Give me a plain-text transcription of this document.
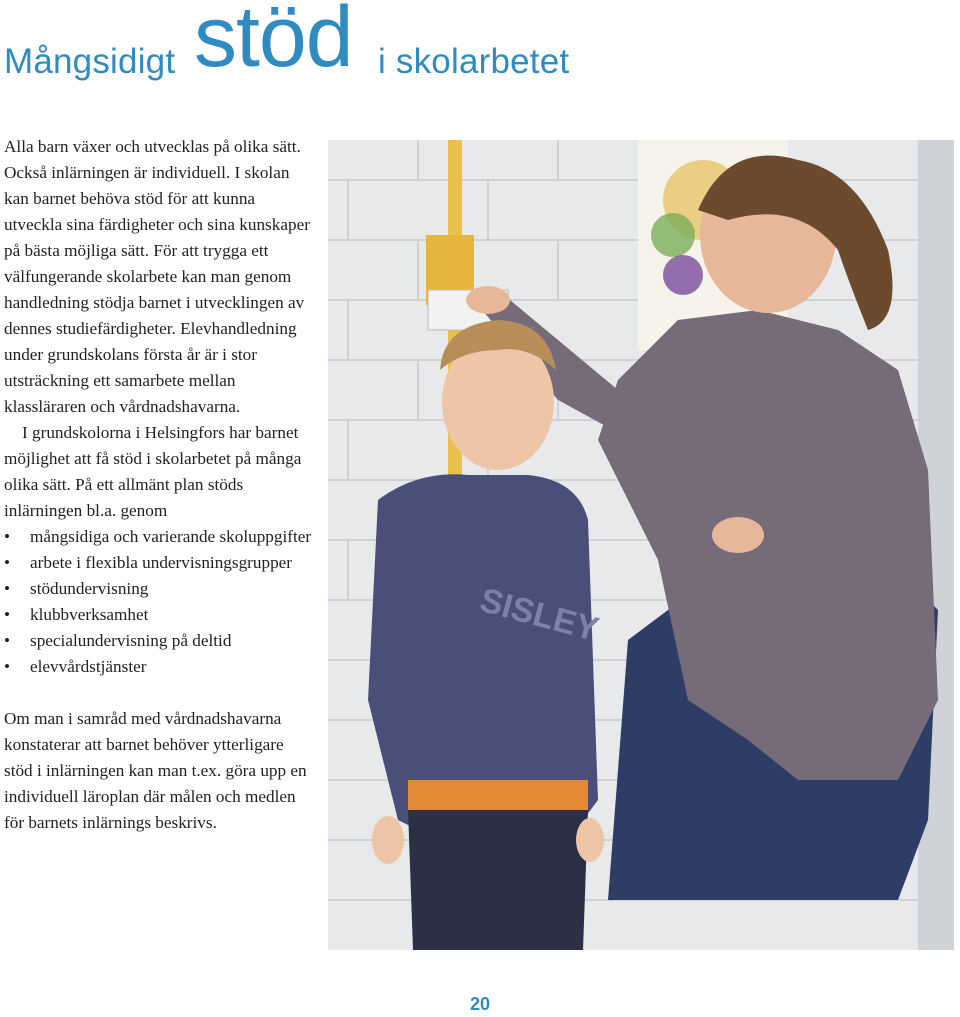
Mångsidigt stöd i skolarbetet

Alla barn växer och utvecklas på olika sätt. Också inlärningen är individuell. I skolan kan barnet behöva stöd för att kunna utveckla sina färdigheter och sina kunskaper på bästa möjliga sätt. För att trygga ett välfungerande skolarbete kan man genom handledning stödja barnet i utvecklingen av dennes studiefärdigheter. Elevhandledning under grundskolans första år är i stor utsträckning ett samarbete mellan klassläraren och vårdnadshavarna.

I grundskolorna i Helsingfors har barnet möjlighet att få stöd i skolarbetet på många olika sätt. På ett allmänt plan stöds inlärningen bl.a. genom

• mångsidiga och varierande skoluppgifter
• arbete i flexibla undervisningsgrupper
• stödundervisning
• klubbverksamhet
• specialundervisning på deltid
• elevvårdstjänster

Om man i samråd med vårdnadshavarna konstaterar att barnet behöver ytterligare stöd i inlärningen kan man t.ex. göra upp en individuell läroplan där målen och medlen för barnets inlärnings beskrivs.

SISLEY
20
